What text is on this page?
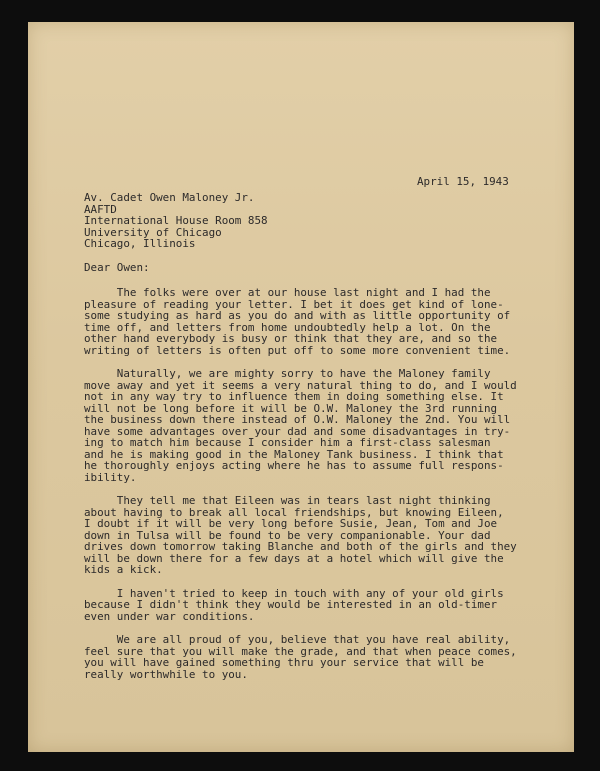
April 15, 1943
Av. Cadet Owen Maloney Jr.
AAFTD
International House Room 858
University of Chicago
Chicago, Illinois
Dear Owen:
The folks were over at our house last night and I had the
pleasure of reading your letter. I bet it does get kind of lone-
some studying as hard as you do and with as little opportunity of
time off, and letters from home undoubtedly help a lot. On the
other hand everybody is busy or think that they are, and so the
writing of letters is often put off to some more convenient time.
Naturally, we are mighty sorry to have the Maloney family
move away and yet it seems a very natural thing to do, and I would
not in any way try to influence them in doing something else. It
will not be long before it will be O.W. Maloney the 3rd running
the business down there instead of O.W. Maloney the 2nd. You will
have some advantages over your dad and some disadvantages in try-
ing to match him because I consider him a first-class salesman
and he is making good in the Maloney Tank business. I think that
he thoroughly enjoys acting where he has to assume full respons-
ibility.
They tell me that Eileen was in tears last night thinking
about having to break all local friendships, but knowing Eileen,
I doubt if it will be very long before Susie, Jean, Tom and Joe
down in Tulsa will be found to be very companionable. Your dad
drives down tomorrow taking Blanche and both of the girls and they
will be down there for a few days at a hotel which will give the
kids a kick.
I haven't tried to keep in touch with any of your old girls
because I didn't think they would be interested in an old-timer
even under war conditions.
We are all proud of you, believe that you have real ability,
feel sure that you will make the grade, and that when peace comes,
you will have gained something thru your service that will be
really worthwhile to you.
